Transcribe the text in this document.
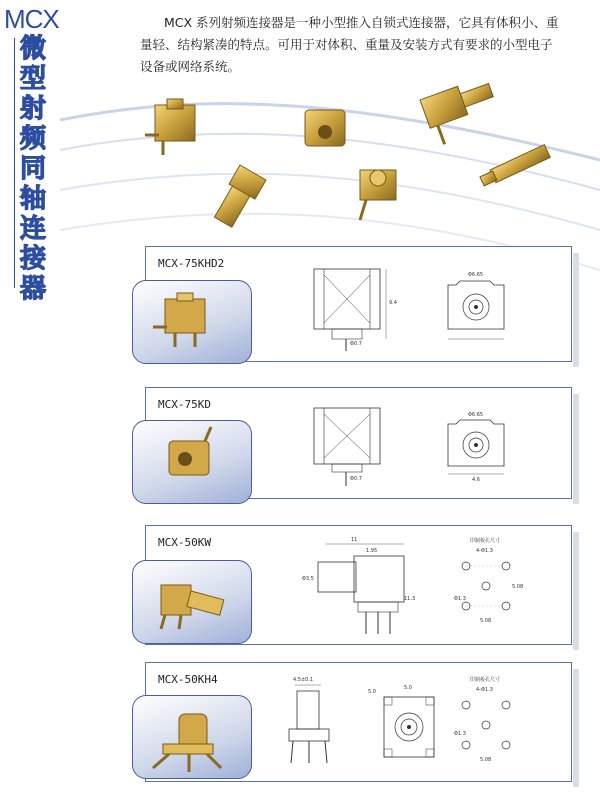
MCX
微
型
射
频
同
轴
连
接
器
MCX 系列射频连接器是一种小型推入自锁式连接器，它具有体积小、重量轻、结构紧凑的特点。可用于对体积、重量及安装方式有要求的小型电子设备或网络系统。
MCX-75KHD2
9.4
Φ0.7
Φ6.65
MCX-75KD
Φ0.7
Φ6.65
4.6
MCX-50KW	11
1.95
Φ3.5
11.3
印制板孔尺寸
4-Φ1.3
Φ1.3
5.08
5.08
MCX-50KH4	4.5±0.1
5.0
5.0
印制板孔尺寸
4-Φ1.3
Φ1.3
5.08
